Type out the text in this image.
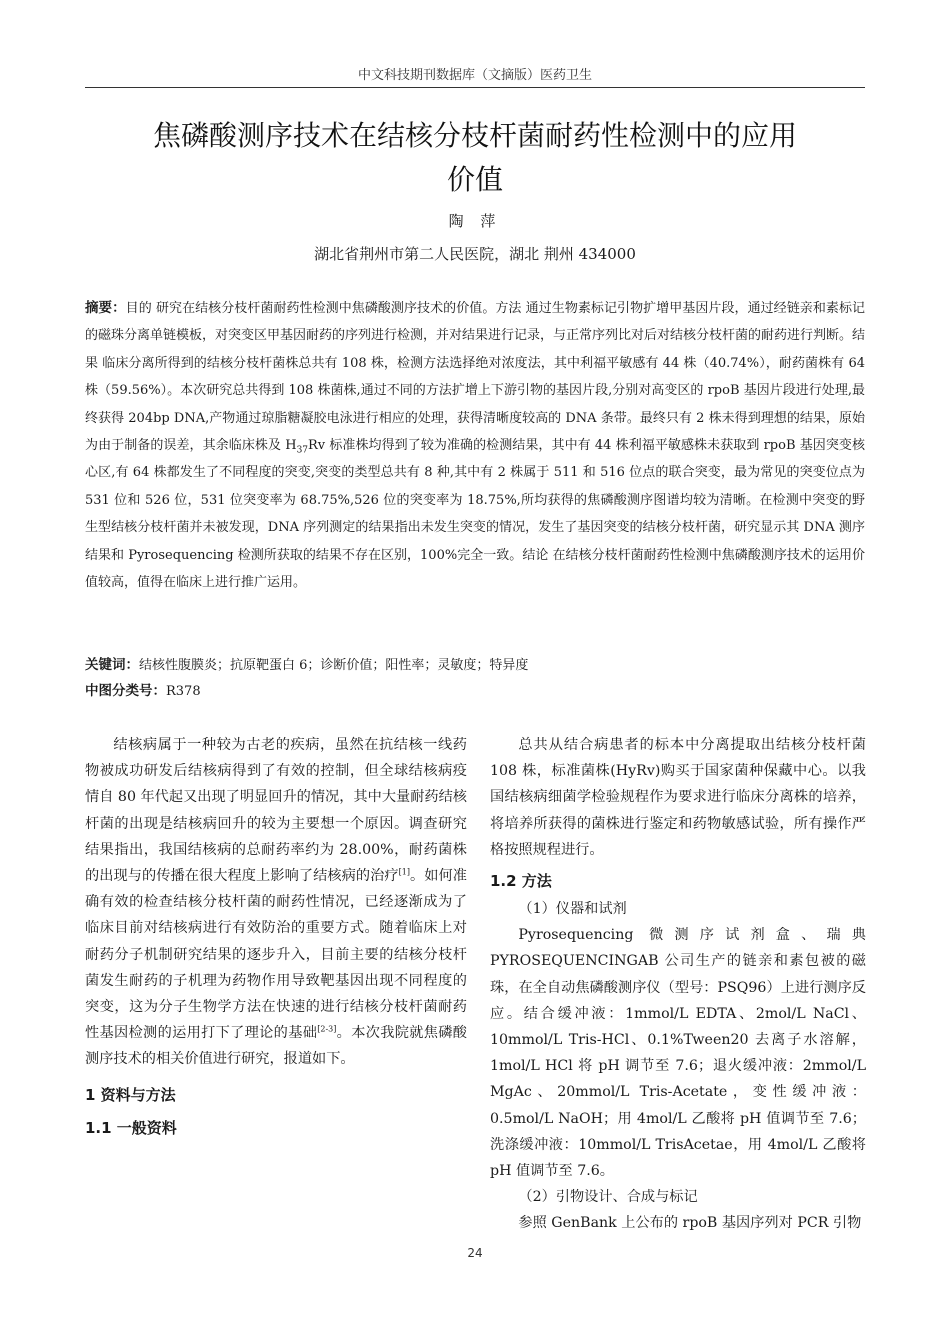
中文科技期刊数据库（文摘版）医药卫生
焦磷酸测序技术在结核分枝杆菌耐药性检测中的应用
价值
陶 萍
湖北省荆州市第二人民医院，湖北 荆州 434000
摘要：目的 研究在结核分枝杆菌耐药性检测中焦磷酸测序技术的价值。方法 通过生物素标记引物扩增甲基因片段，通过经链亲和素标记的磁珠分离单链模板，对突变区甲基因耐药的序列进行检测，并对结果进行记录，与正常序列比对后对结核分枝杆菌的耐药进行判断。结果 临床分离所得到的结核分枝杆菌株总共有 108 株，检测方法选择绝对浓度法，其中利福平敏感有 44 株（40.74%），耐药菌株有 64 株（59.56%）。本次研究总共得到 108 株菌株,通过不同的方法扩增上下游引物的基因片段,分别对高变区的 rpoB 基因片段进行处理,最终获得 204bp DNA,产物通过琼脂糖凝胶电泳进行相应的处理，获得清晰度较高的 DNA 条带。最终只有 2 株未得到理想的结果，原始为由于制备的误差，其余临床株及 $H_{37}Rv$ 标准株均得到了较为准确的检测结果，其中有 44 株利福平敏感株未获取到 rpoB 基因突变核心区,有 64 株都发生了不同程度的突变,突变的类型总共有 8 种,其中有 2 株属于 511 和 516 位点的联合突变，最为常见的突变位点为 531 位和 526 位，531 位突变率为 68.75%,526 位的突变率为 18.75%,所均获得的焦磷酸测序图谱均较为清晰。在检测中突变的野生型结核分枝杆菌并未被发现，DNA 序列测定的结果指出未发生突变的情况，发生了基因突变的结核分枝杆菌，研究显示其 DNA 测序结果和 Pyrosequencing 检测所获取的结果不存在区别，100%完全一致。结论 在结核分枝杆菌耐药性检测中焦磷酸测序技术的运用价值较高，值得在临床上进行推广运用。
关键词：结核性腹膜炎；抗原靶蛋白 6；诊断价值；阳性率；灵敏度；特异度
中图分类号：R378

结核病属于一种较为古老的疾病，虽然在抗结核一线药物被成功研发后结核病得到了有效的控制，但全球结核病疫情自 80 年代起又出现了明显回升的情况，其中大量耐药结核杆菌的出现是结核病回升的较为主要想一个原因。调查研究结果指出，我国结核病的总耐药率约为 28.00%，耐药菌株的出现与的传播在很大程度上影响了结核病的治疗[1]。如何准确有效的检查结核分枝杆菌的耐药性情况，已经逐渐成为了临床目前对结核病进行有效防治的重要方式。随着临床上对耐药分子机制研究结果的逐步升入，目前主要的结核分枝杆菌发生耐药的子机理为药物作用导致靶基因出现不同程度的突变，这为分子生物学方法在快速的进行结核分枝杆菌耐药性基因检测的运用打下了理论的基础[2-3]。本次我院就焦磷酸测序技术的相关价值进行研究，报道如下。

1 资料与方法
1.1 一般资料

总共从结合病患者的标本中分离提取出结核分枝杆菌 108 株，标准菌株(HyRv)购买于国家菌种保藏中心。以我国结核病细菌学检验规程作为要求进行临床分离株的培养，将培养所获得的菌株进行鉴定和药物敏感试验，所有操作严格按照规程进行。

1.2 方法

（1）仪器和试剂

Pyrosequencing 微测序试剂盒、瑞典

PYROSEQUENCINGAB 公司生产的链亲和素包被的磁珠，在全自动焦磷酸测序仪（型号：PSQ96）上进行测序反应。结合缓冲液：1mmol/L EDTA、2mol/L NaCl、10mmol/L Tris-HCl、0.1%Tween20 去离子水溶解，1mol/L HCl 将 pH 调节至 7.6；退火缓冲液：2mmol/L MgAc、20mmol/L Tris-Acetate，变性缓冲液：0.5mol/L NaOH；用 4mol/L 乙酸将 pH 值调节至 7.6；洗涤缓冲液：10mmol/L TrisAcetae，用 4mol/L 乙酸将 pH 值调节至 7.6。

（2）引物设计、合成与标记

参照 GenBank 上公布的 rpoB 基因序列对 PCR 引物

24
